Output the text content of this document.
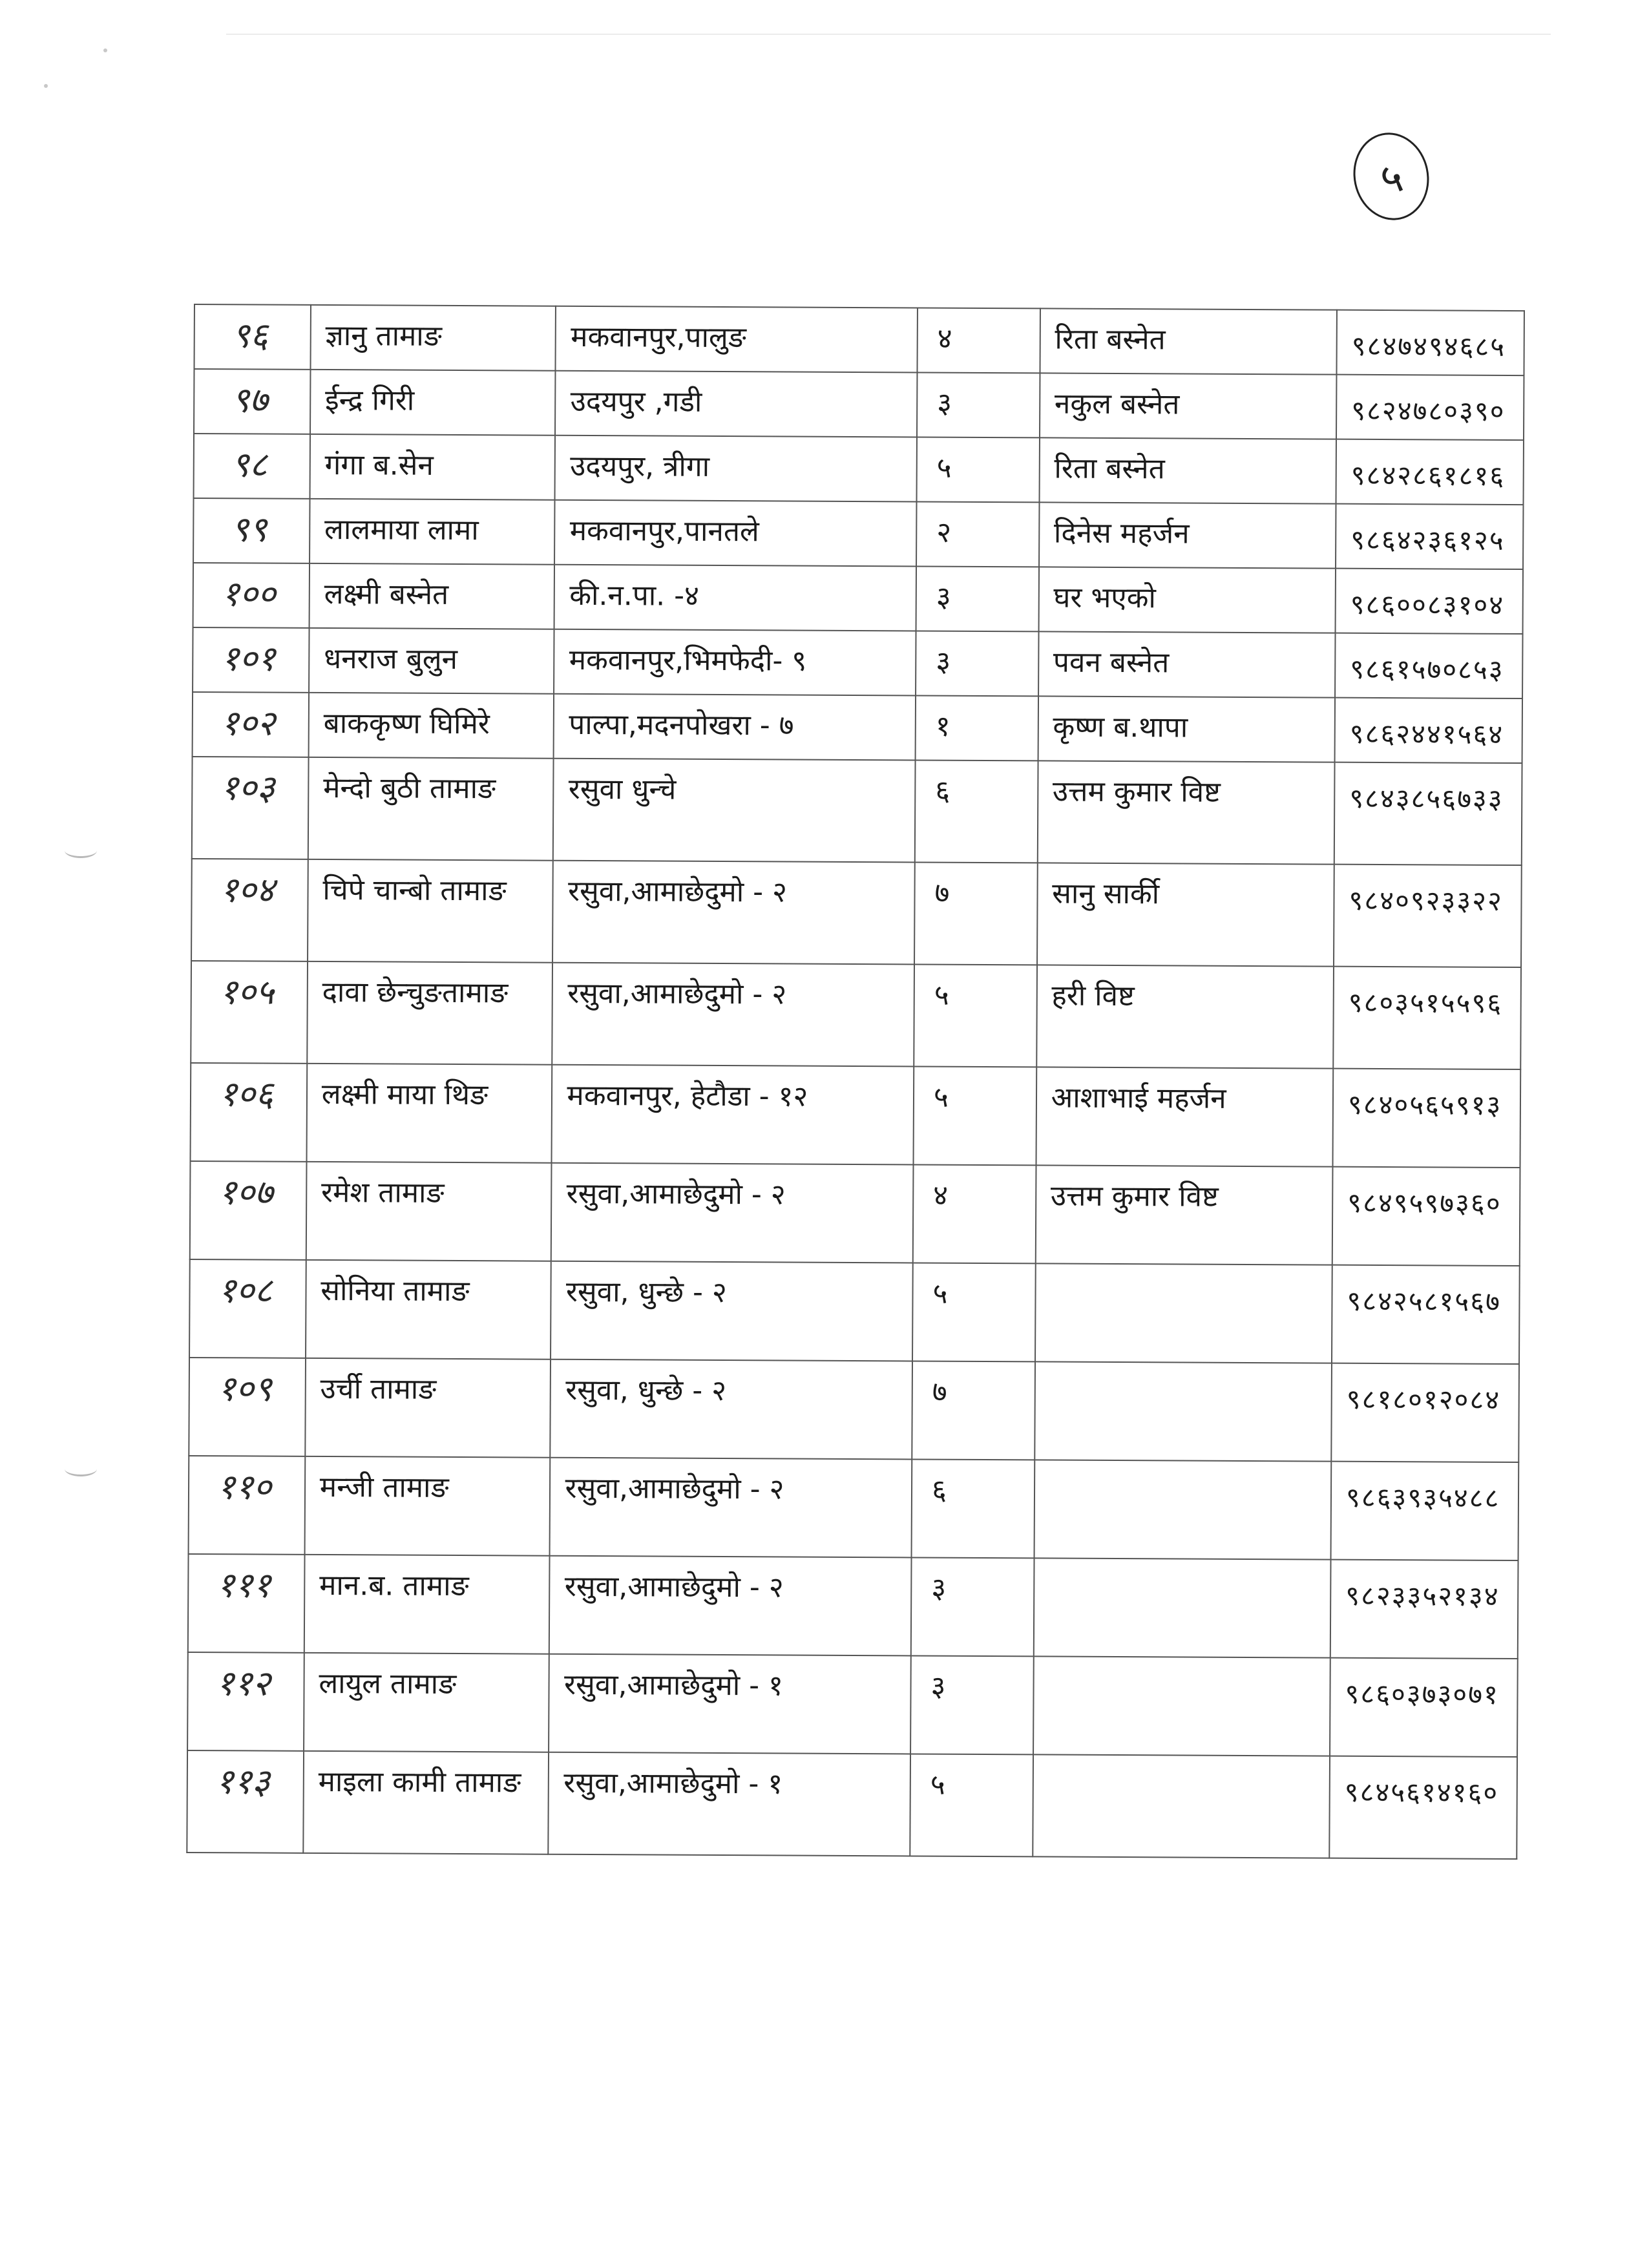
५
९६	ज्ञानु तामाङ	मकवानपुर,पालुङ	४	रिता बस्नेत	९८४७४९४६८५
९७	ईन्द्र गिरी	उदयपुर ,गडी	३	नकुल बस्नेत	९८२४७८०३९०
९८	गंगा ब.सेन	उदयपुर, त्रीगा	५	रिता बस्नेत	९८४२८६१८१६
९९	लालमाया लामा	मकवानपुर,पानतले	२	दिनेस महर्जन	९८६४२३६१२५
१००	लक्ष्मी बस्नेत	की.न.पा. -४	३	घर भएको	९८६००८३१०४
१०१	धनराज बुलुन	मकवानपुर,भिमफेदी- ९	३	पवन बस्नेत	९८६१५७०८५३
१०२	बाककृष्ण घिमिरे	पाल्पा,मदनपोखरा - ७	१	कृष्ण ब.थापा	९८६२४४१५६४
१०३	मेन्दो बुठी तामाङ	रसुवा धुन्चे	६	उत्तम कुमार विष्ट	९८४३८५६७३३
१०४	चिपे चान्बो तामाङ	रसुवा,आमाछेदुमो - २	७	सानु सार्की	९८४०९२३३२२
१०५	दावा छेन्चुङतामाङ	रसुवा,आमाछेदुमो - २	५	हरी विष्ट	९८०३५१५५९६
१०६	लक्ष्मी माया थिङ	मकवानपुर, हेटौडा - १२	५	आशाभाई महर्जन	९८४०५६५९१३
१०७	रमेश तामाङ	रसुवा,आमाछेदुमो - २	४	उत्तम कुमार विष्ट	९८४९५९७३६०
१०८	सोनिया तामाङ	रसुवा, धुन्छे - २	५		९८४२५८१५६७
१०९	उर्ची तामाङ	रसुवा, धुन्छे - २	७		९८१८०१२०८४
११०	मन्जी तामाङ	रसुवा,आमाछेदुमो - २	६		९८६३९३५४८८
१११	मान.ब. तामाङ	रसुवा,आमाछेदुमो - २	३		९८२३३५२१३४
११२	लायुल तामाङ	रसुवा,आमाछेदुमो - १	३		९८६०३७३०७१
११३	माइला कामी तामाङ	रसुवा,आमाछेदुमो - १	५		९८४५६१४१६०
